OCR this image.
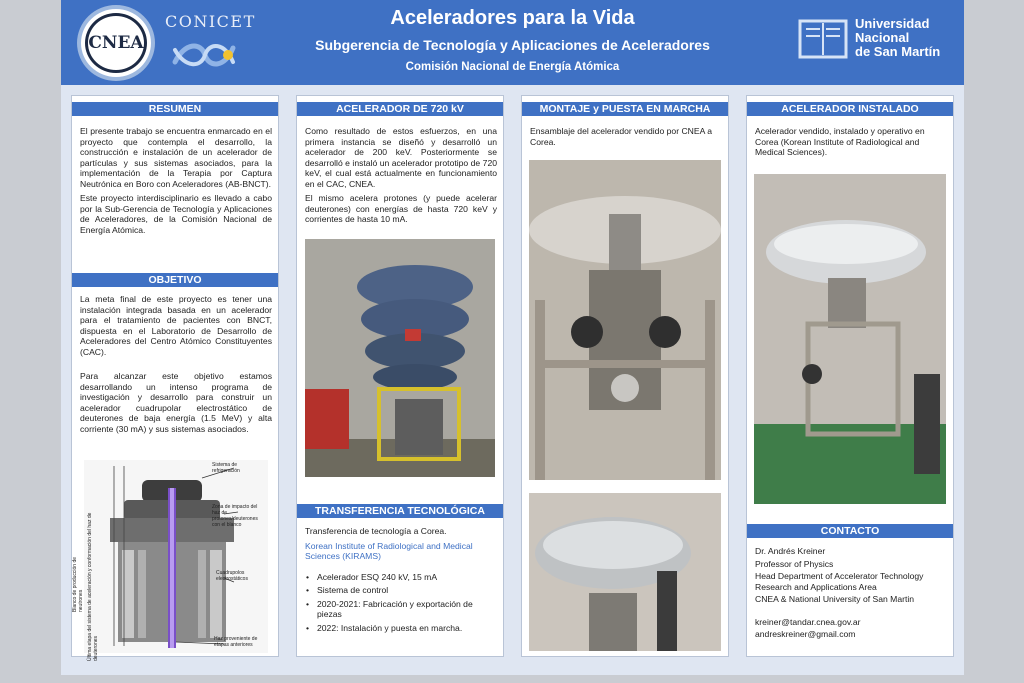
CNEA
CONICET	Aceleradores para la Vida
Subgerencia de Tecnología y Aplicaciones de Aceleradores
Comisión Nacional de Energía Atómica
Universidad
Nacional
de San Martín
RESUMEN

El presente trabajo se encuentra enmarcado en el proyecto que contempla el desarrollo, la construcción e instalación de un acelerador de partículas y sus sistemas asociados, para la implementación de la Terapia por Captura Neutrónica en Boro con Aceleradores (AB-BNCT).

Este proyecto interdisciplinario es llevado a cabo por la Sub-Gerencia de Tecnología y Aplicaciones de Aceleradores, de la Comisión Nacional de Energía Atómica.

OBJETIVO

La meta final de este proyecto es tener una instalación integrada basada en un acelerador para el tratamiento de pacientes con BNCT, dispuesta en el Laboratorio de Desarrollo de Aceleradores del Centro Atómico Constituyentes (CAC).

Para alcanzar este objetivo estamos desarrollando un intenso programa de investigación y desarrollo para construir un acelerador cuadrupolar electrostático de deuterones de baja energía (1.5 MeV) y alta corriente (30 mA) y sus sistemas asociados.

Sistema de refrigeración
Zona de impacto del haz de protones/deuterones con el blanco
Cuadrupolos electrostáticos
Haz proveniente de etapas anteriores
Blanco de producción de neutrones Última etapa del sistema de aceleración y conformación del haz de deuterones
ACELERADOR DE 720 kV

Como resultado de estos esfuerzos, en una primera instancia se diseñó y desarrolló un acelerador de 200 keV. Posteriormente se desarrolló e instaló un acelerador prototipo de 720 keV, el cual está actualmente en funcionamiento en el CAC, CNEA.

El mismo acelera protones (y puede acelerar deuterones) con energías de hasta 720 keV y corrientes de hasta 10 mA.

TRANSFERENCIA TECNOLÓGICA

Transferencia de tecnología a Corea.

Korean Institute of Radiological and Medical Sciences (KIRAMS)

• Acelerador ESQ 240 kV, 15 mA
• Sistema de control
• 2020-2021: Fabricación y exportación de piezas
• 2022: Instalación y puesta en marcha.
MONTAJE y PUESTA EN MARCHA
Ensamblaje del acelerador vendido por CNEA a Corea.
ACELERADOR INSTALADO
Acelerador vendido, instalado y operativo en Corea (Korean Institute of Radiological and Medical Sciences).
CONTACTO

Dr. Andrés Kreiner

Professor of Physics

Head Department of Accelerator Technology Research and Applications Area

CNEA & National University of San Martin

kreiner@tandar.cnea.gov.ar

andreskreiner@gmail.com
